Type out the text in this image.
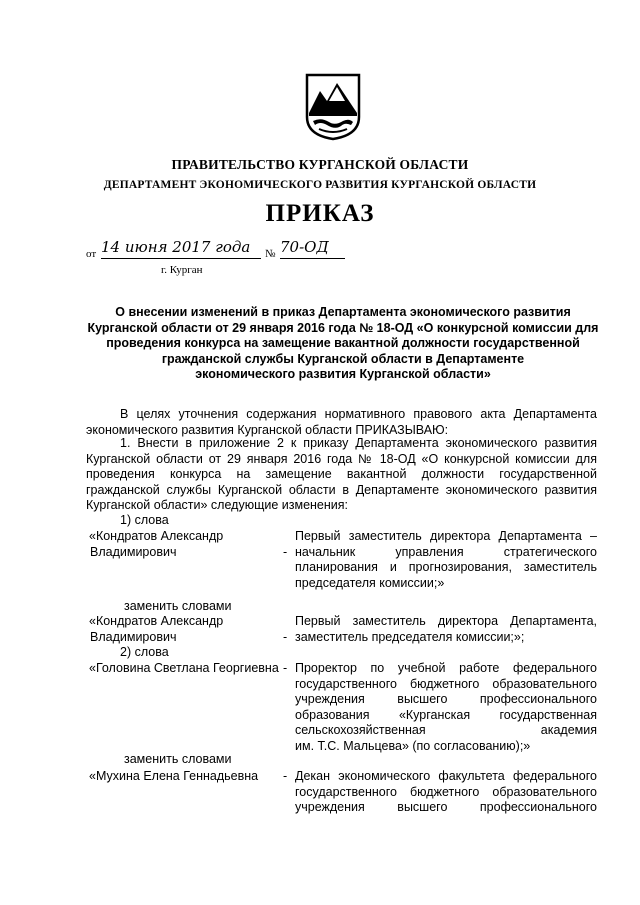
ПРАВИТЕЛЬСТВО КУРГАНСКОЙ ОБЛАСТИ
ДЕПАРТАМЕНТ ЭКОНОМИЧЕСКОГО РАЗВИТИЯ КУРГАНСКОЙ ОБЛАСТИ
ПРИКАЗ
от 14 июня 2017 года	№ 70-ОД
г. Курган
О внесении изменений в приказ Департамента экономического развития
Курганской области от 29 января 2016 года № 18-ОД «О конкурсной комиссии для
проведения конкурса на замещение вакантной должности государственной
гражданской службы Курганской области в Департаменте
экономического развития Курганской области»
В целях уточнения содержания нормативного правового акта Департамента
экономического развития Курганской области ПРИКАЗЫВАЮ:
1. Внести в приложение 2 к приказу Департамента экономического развития
Курганской области от 29 января 2016 года № 18-ОД «О конкурсной комиссии для
проведения конкурса на замещение вакантной должности государственной
гражданской службы Курганской области в Департаменте экономического развития
Курганской области» следующие изменения:
1) слова
«Кондратов Александр
Владимирович	-
Первый заместитель директора Департамента –
начальник управления стратегического
планирования и прогнозирования, заместитель
председателя комиссии;»
заменить словами
«Кондратов Александр
Владимирович	-
Первый заместитель директора Департамента,
заместитель председателя комиссии;»;
2) слова
«Головина Светлана Георгиевна - Проректор по учебной работе федерального
государственного бюджетного образовательного
учреждения высшего профессионального
образования «Курганская государственная
сельскохозяйственная академия
им. Т.С. Мальцева» (по согласованию);»
заменить словами
«Мухина Елена Геннадьевна - Декан экономического факультета федерального
государственного бюджетного образовательного
учреждения высшего профессионального
